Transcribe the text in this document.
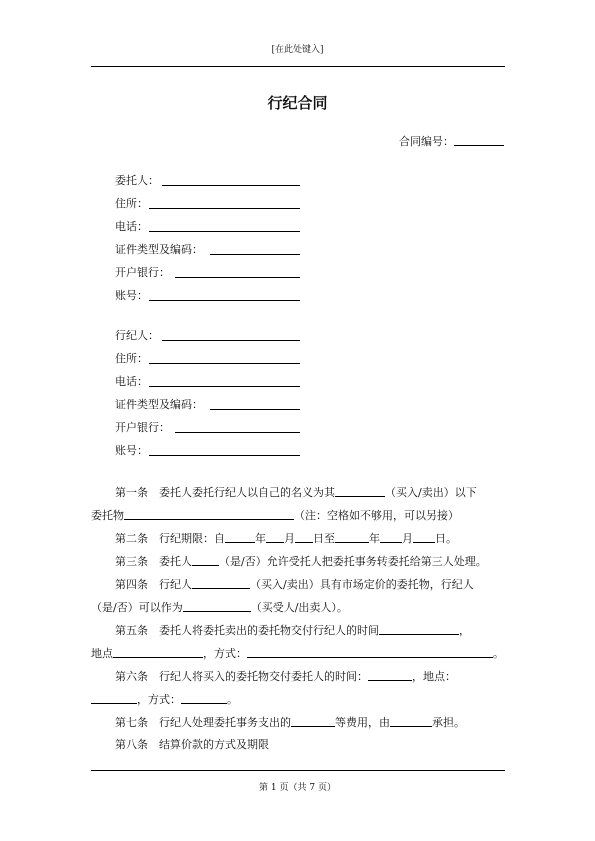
[在此处键入]
行纪合同
合同编号：
委托人：
住所：
电话：
证件类型及编码：
开户银行：
账号：
行纪人：
住所：
电话：
证件类型及编码：
开户银行：
账号：
第一条　委托人委托行纪人以自己的名义为其	（买入/卖出）以下
委托物	（注：空格如不够用，可以另接）
第二条　行纪期限：自	年 月 日至	年 月 日。
第三条　委托人 （是/否）允许受托人把委托事务转委托给第三人处理。
第四条　行纪人	（买入/卖出）具有市场定价的委托物，行纪人
（是/否）可以作为	（买受人/出卖人）。
第五条　委托人将委托卖出的委托物交付行纪人的时间	，
地点	，方式：	。
第六条　行纪人将买入的委托物交付委托人的时间：	，地点：
，方式：	。
第七条　行纪人处理委托事务支出的	等费用，由	承担。
第八条　结算价款的方式及期限
第 1 页（共 7 页）
